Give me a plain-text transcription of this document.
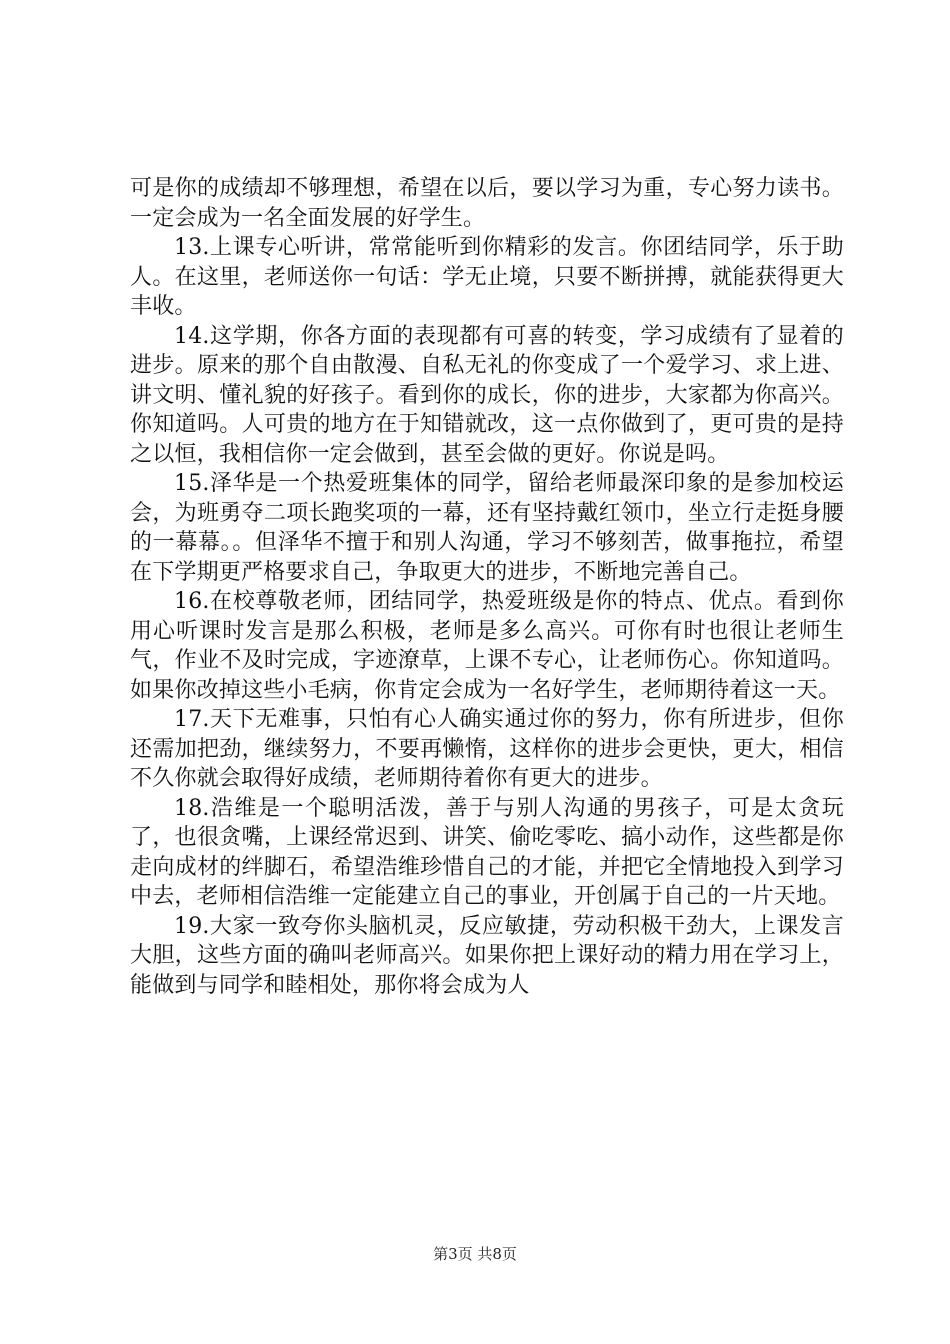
可是你的成绩却不够理想，希望在以后，要以学习为重，专心努力读书。一定会成为一名全面发展的好学生。

13.上课专心听讲，常常能听到你精彩的发言。你团结同学，乐于助人。在这里，老师送你一句话：学无止境，只要不断拼搏，就能获得更大丰收。

14.这学期，你各方面的表现都有可喜的转变，学习成绩有了显着的进步。原来的那个自由散漫、自私无礼的你变成了一个爱学习、求上进、讲文明、懂礼貌的好孩子。看到你的成长，你的进步，大家都为你高兴。你知道吗。人可贵的地方在于知错就改，这一点你做到了，更可贵的是持之以恒，我相信你一定会做到，甚至会做的更好。你说是吗。

15.泽华是一个热爱班集体的同学，留给老师最深印象的是参加校运会，为班勇夺二项长跑奖项的一幕，还有坚持戴红领巾，坐立行走挺身腰的一幕幕。。但泽华不擅于和别人沟通，学习不够刻苦，做事拖拉，希望在下学期更严格要求自己，争取更大的进步，不断地完善自己。

16.在校尊敬老师，团结同学，热爱班级是你的特点、优点。看到你用心听课时发言是那么积极，老师是多么高兴。可你有时也很让老师生气，作业不及时完成，字迹潦草，上课不专心，让老师伤心。你知道吗。如果你改掉这些小毛病，你肯定会成为一名好学生，老师期待着这一天。

17.天下无难事，只怕有心人确实通过你的努力，你有所进步，但你还需加把劲，继续努力，不要再懒惰，这样你的进步会更快，更大，相信不久你就会取得好成绩，老师期待着你有更大的进步。

18.浩维是一个聪明活泼，善于与别人沟通的男孩子，可是太贪玩了，也很贪嘴，上课经常迟到、讲笑、偷吃零吃、搞小动作，这些都是你走向成材的绊脚石，希望浩维珍惜自己的才能，并把它全情地投入到学习中去，老师相信浩维一定能建立自己的事业，开创属于自己的一片天地。

19.大家一致夸你头脑机灵，反应敏捷，劳动积极干劲大，上课发言大胆，这些方面的确叫老师高兴。如果你把上课好动的精力用在学习上，能做到与同学和睦相处，那你将会成为人

第3页 共8页
